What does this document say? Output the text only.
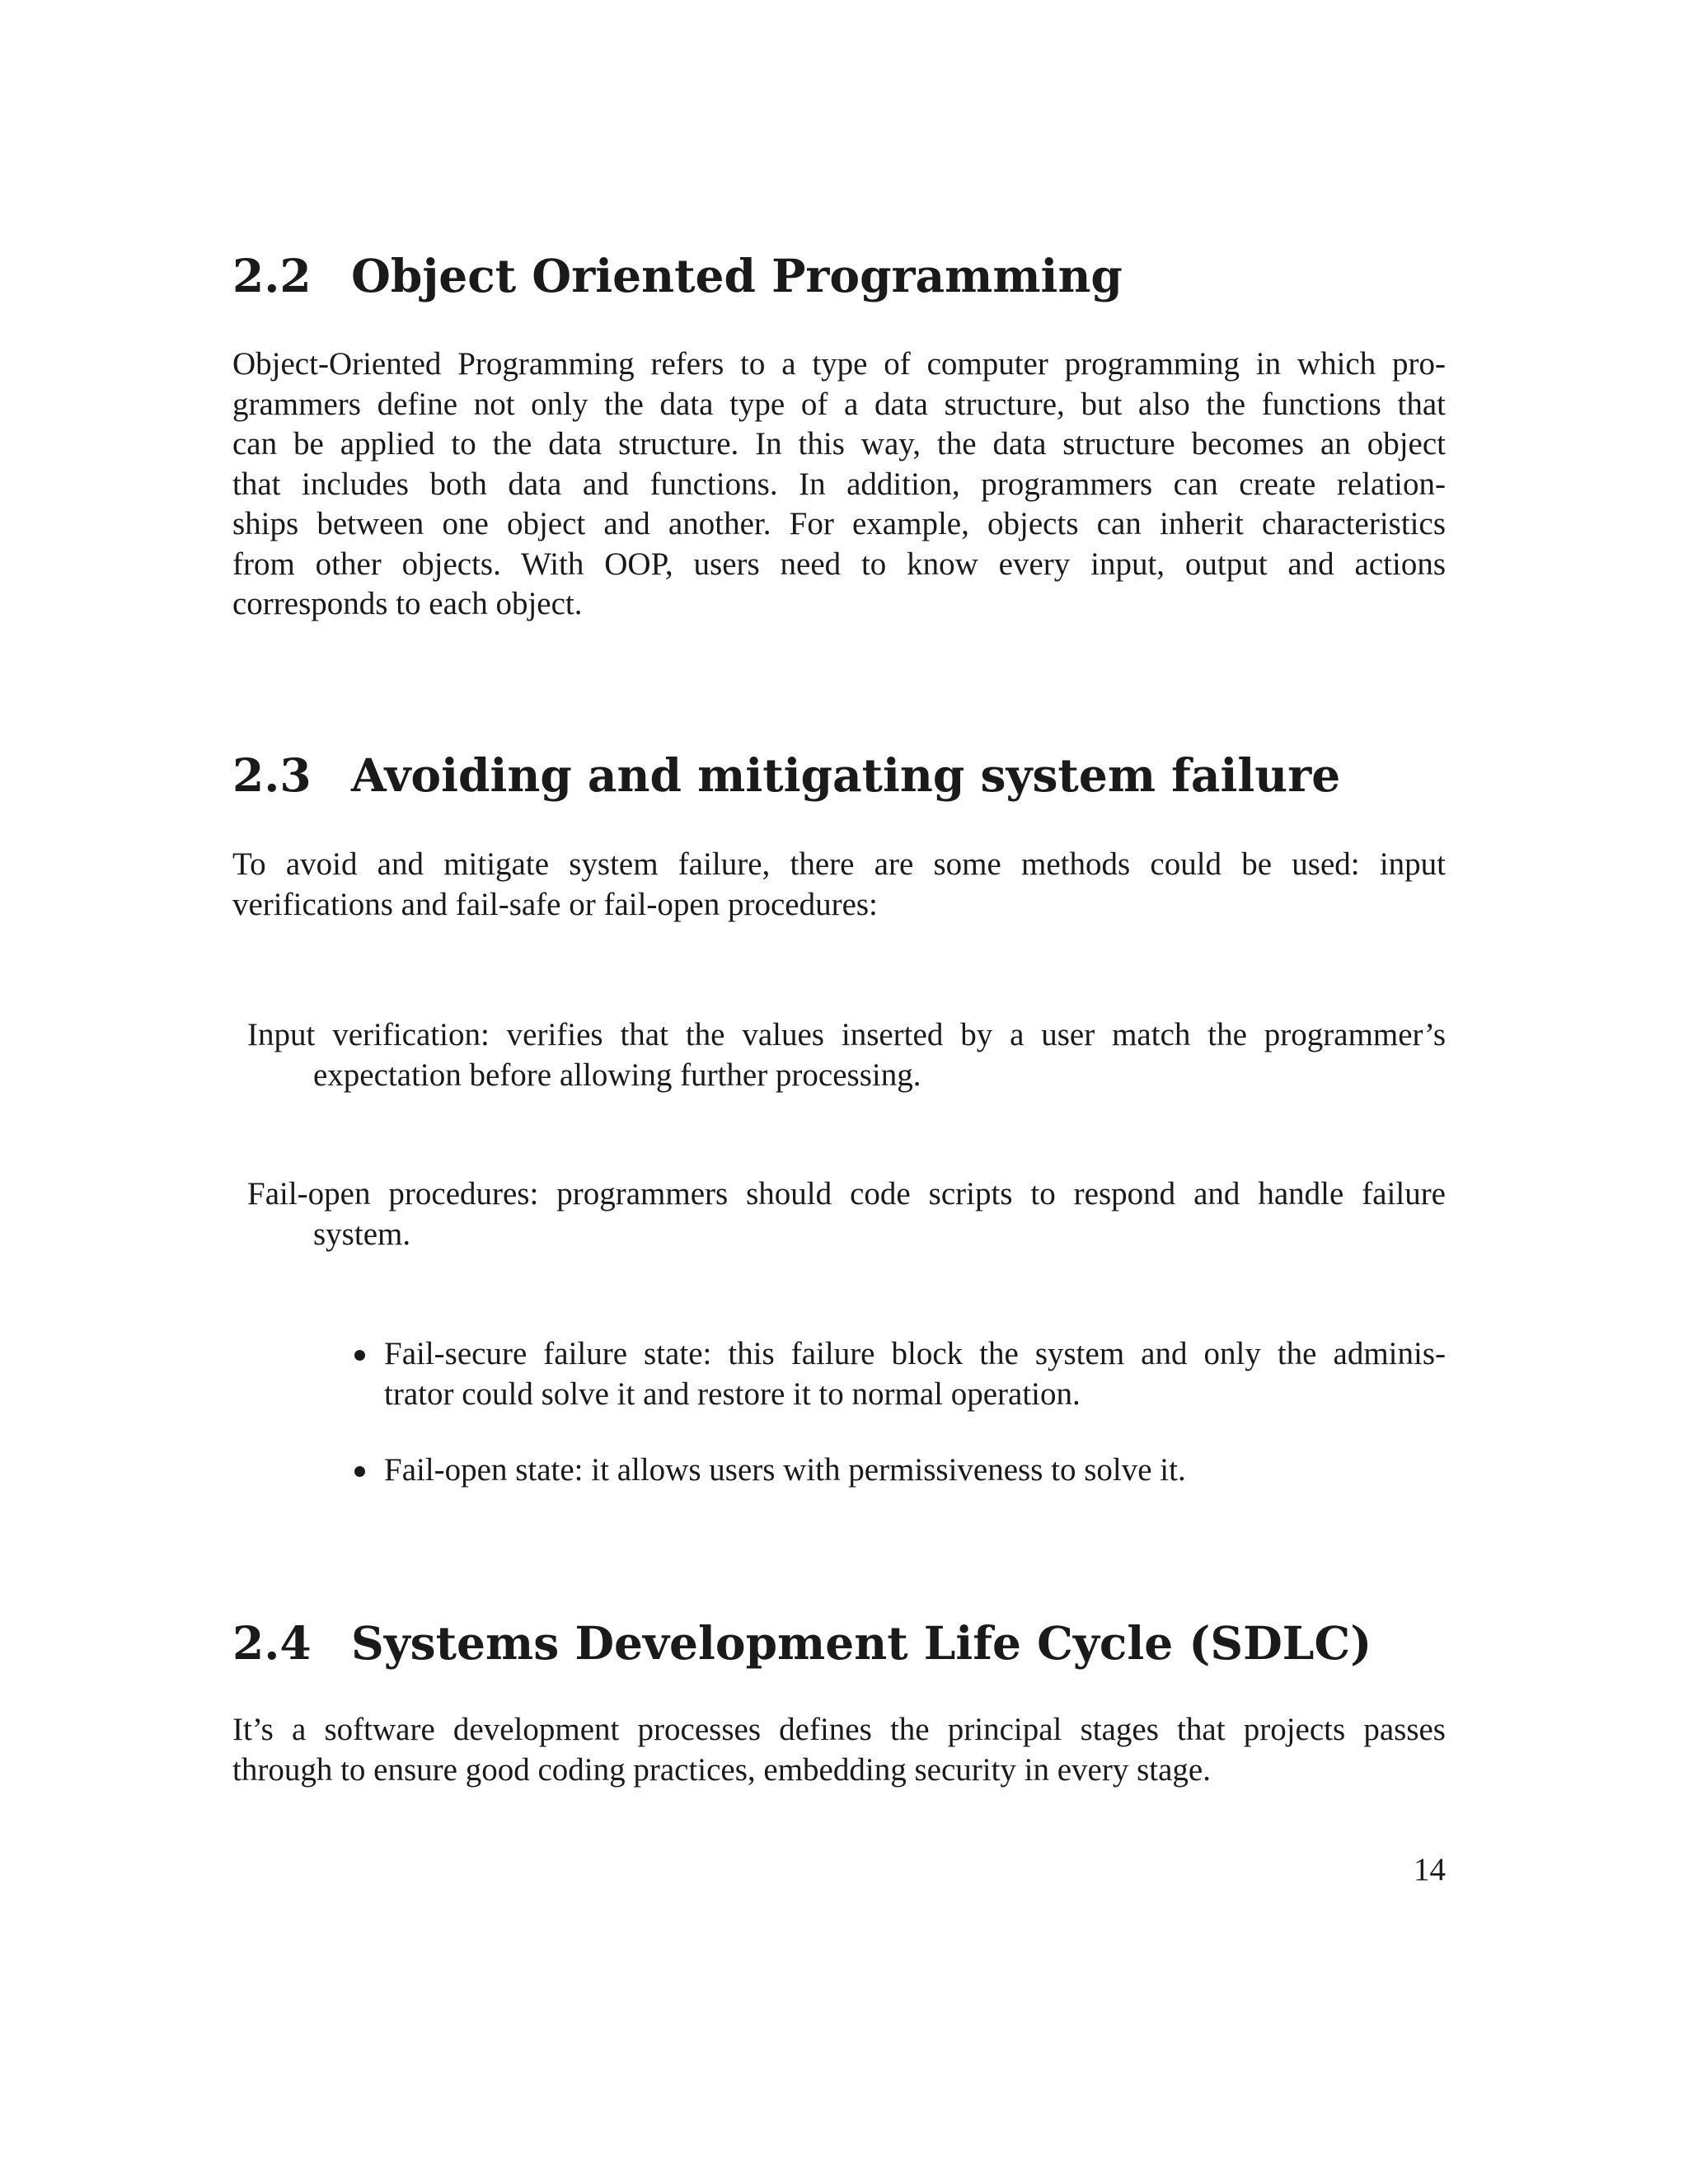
2.2 Object Oriented Programming
Object-Oriented Programming refers to a type of computer programming in which pro-
grammers define not only the data type of a data structure, but also the functions that
can be applied to the data structure. In this way, the data structure becomes an object
that includes both data and functions. In addition, programmers can create relation-
ships between one object and another. For example, objects can inherit characteristics
from other objects. With OOP, users need to know every input, output and actions
corresponds to each object.
2.3 Avoiding and mitigating system failure
To avoid and mitigate system failure, there are some methods could be used: input
verifications and fail-safe or fail-open procedures:
Input verification: verifies that the values inserted by a user match the programmer’s
expectation before allowing further processing.
Fail-open procedures: programmers should code scripts to respond and handle failure
system.
Fail-secure failure state: this failure block the system and only the adminis-
trator could solve it and restore it to normal operation.
Fail-open state: it allows users with permissiveness to solve it.
2.4 Systems Development Life Cycle (SDLC)
It’s a software development processes defines the principal stages that projects passes
through to ensure good coding practices, embedding security in every stage.
14
